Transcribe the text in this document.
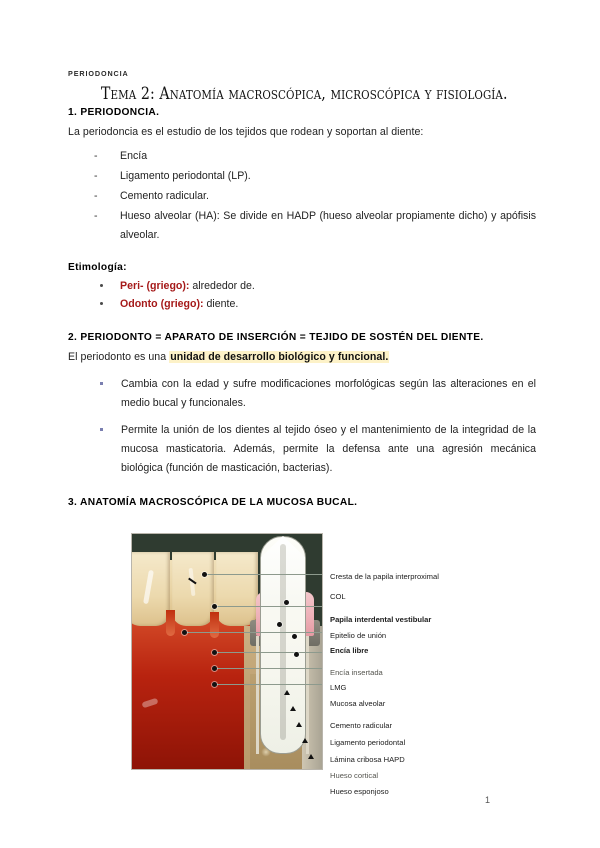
PERIODONCIA
Tema 2: Anatomía macroscópica, microscópica y fisiología.
1. PERIODONCIA.

La periodoncia es el estudio de los tejidos que rodean y soportan al diente:

- Encía
- Ligamento periodontal (LP).
- Cemento radicular.
- Hueso alveolar (HA): Se divide en HADP (hueso alveolar propiamente dicho) y apófisis alveolar.
Etimología:
Peri- (griego): alrededor de.
Odonto (griego): diente.
2. PERIODONTO = APARATO DE INSERCIÓN = TEJIDO DE SOSTÉN DEL DIENTE.

El periodonto es una unidad de desarrollo biológico y funcional.

Cambia con la edad y sufre modificaciones morfológicas según las alteraciones en el medio bucal y funcionales.
Permite la unión de los dientes al tejido óseo y el mantenimiento de la integridad de la mucosa masticatoria. Además, permite la defensa ante una agresión mecánica biológica (función de masticación, bacterias).
3. ANATOMÍA MACROSCÓPICA DE LA MUCOSA BUCAL.
Cresta de la papila interproximal
COL
Papila interdental vestibular
Epitelio de unión
Encía libre
Encía insertada
LMG
Mucosa alveolar
Cemento radicular
Ligamento periodontal
Lámina cribosa HAPD
Hueso cortical
Hueso esponjoso
1
